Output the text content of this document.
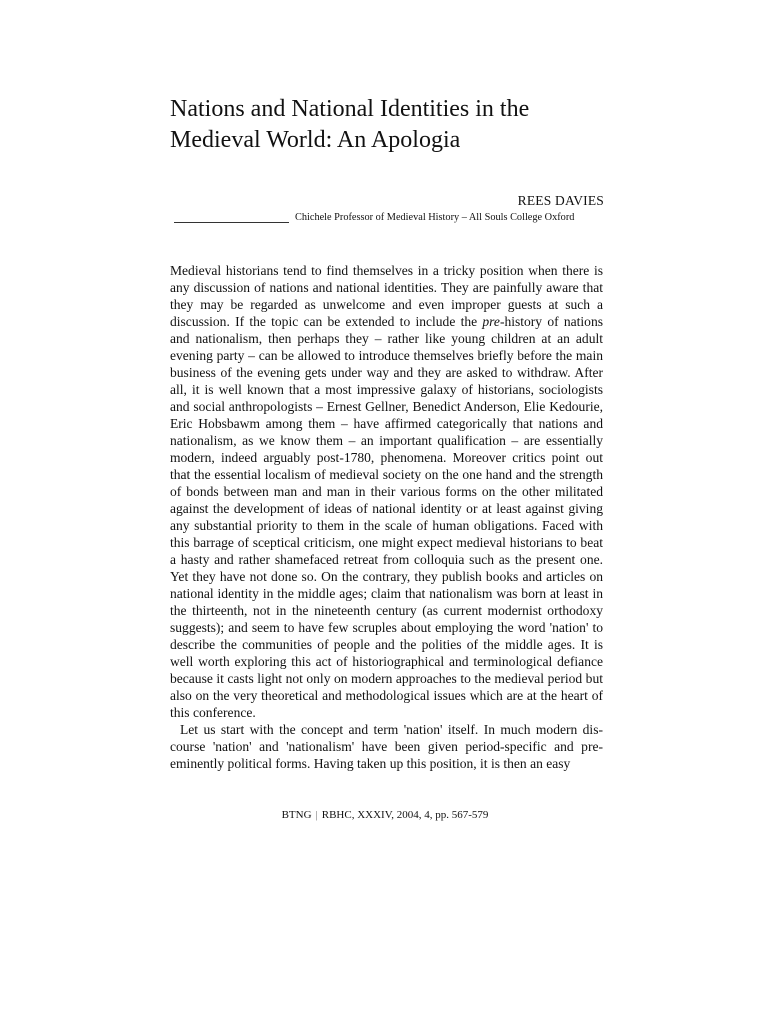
Nations and National Identities in the Medieval World: An Apologia
REES DAVIES
Chichele Professor of Medieval History – All Souls College Oxford

Medieval historians tend to find themselves in a tricky position when there is any discussion of nations and national identities. They are painfully aware that they may be regarded as unwelcome and even improper guests at such a discussion. If the topic can be extended to include the pre-history of nations and nationalism, then perhaps they – rather like young children at an adult evening party – can be allowed to introduce themselves briefly before the main business of the evening gets under way and they are asked to withdraw. After all, it is well known that a most impressive galaxy of historians, sociologists and social anthropologists – Ernest Gellner, Benedict Anderson, Elie Kedourie, Eric Hobsbawm among them – have affirmed categorically that nations and nationalism, as we know them – an important qualification – are essentially modern, indeed arguably post-1780, phenomena. Moreover critics point out that the essential localism of medieval society on the one hand and the strength of bonds between man and man in their various forms on the other militated against the development of ideas of national identity or at least against giving any substantial priority to them in the scale of human obligations. Faced with this barrage of sceptical criticism, one might expect medieval historians to beat a hasty and rather shamefaced retreat from colloquia such as the present one. Yet they have not done so. On the contrary, they publish books and articles on national identity in the middle ages; claim that nationalism was born at least in the thirteenth, not in the nineteenth century (as current modernist orthodoxy suggests); and seem to have few scruples about employing the word 'nation' to describe the communities of people and the polities of the middle ages. It is well worth exploring this act of historiographical and terminological defiance because it casts light not only on modern approaches to the medieval period but also on the very theoretical and methodological issues which are at the heart of this conference.

Let us start with the concept and term 'nation' itself. In much modern discourse 'nation' and 'nationalism' have been given period-specific and preeminently political forms. Having taken up this position, it is then an easy

BTNG | RBHC, XXXIV, 2004, 4, pp. 567-579
